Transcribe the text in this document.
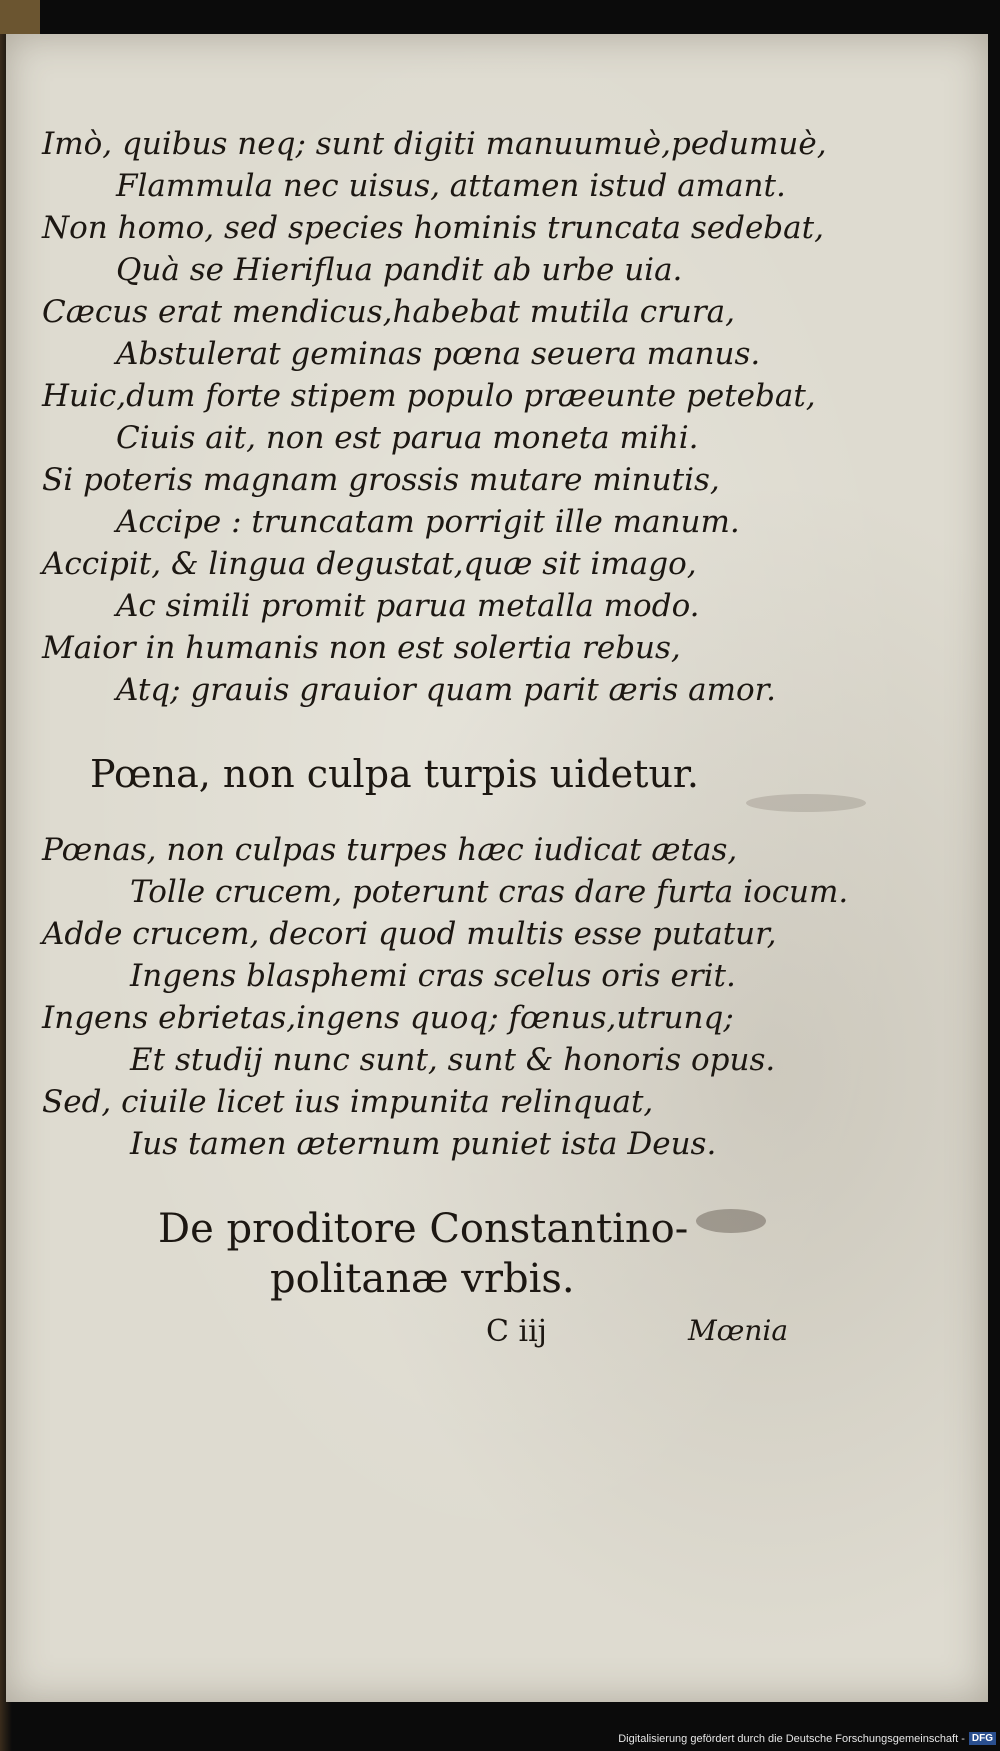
Imò, quibus neq; sunt digiti manuumuè,pedumuè,
Flammula nec uisus, attamen istud amant.
Non homo, sed species hominis truncata sedebat,
Quà se Hieriflua pandit ab urbe uia.
Cæcus erat mendicus,habebat mutila crura,
Abstulerat geminas pœna seuera manus.
Huic,dum forte stipem populo præeunte petebat,
Ciuis ait, non est parua moneta mihi.
Si poteris magnam grossis mutare minutis,
Accipe : truncatam porrigit ille manum.
Accipit, & lingua degustat,quæ sit imago,
Ac simili promit parua metalla modo.
Maior in humanis non est solertia rebus,
Atq; grauis grauior quam parit æris amor.
Pœna, non culpa turpis uidetur.
Pœnas, non culpas turpes hæc iudicat ætas,
Tolle crucem, poterunt cras dare furta iocum.
Adde crucem, decori quod multis esse putatur,
Ingens blasphemi cras scelus oris erit.
Ingens ebrietas,ingens quoq; fœnus,utrunq;
Et studij nunc sunt, sunt & honoris opus.
Sed, ciuile licet ius impunita relinquat,
Ius tamen æternum puniet ista Deus.
De proditore Constantino-
politanæ vrbis.
C iij	Mœnia
Digitalisierung gefördert durch die Deutsche Forschungsgemeinschaft - DFG
